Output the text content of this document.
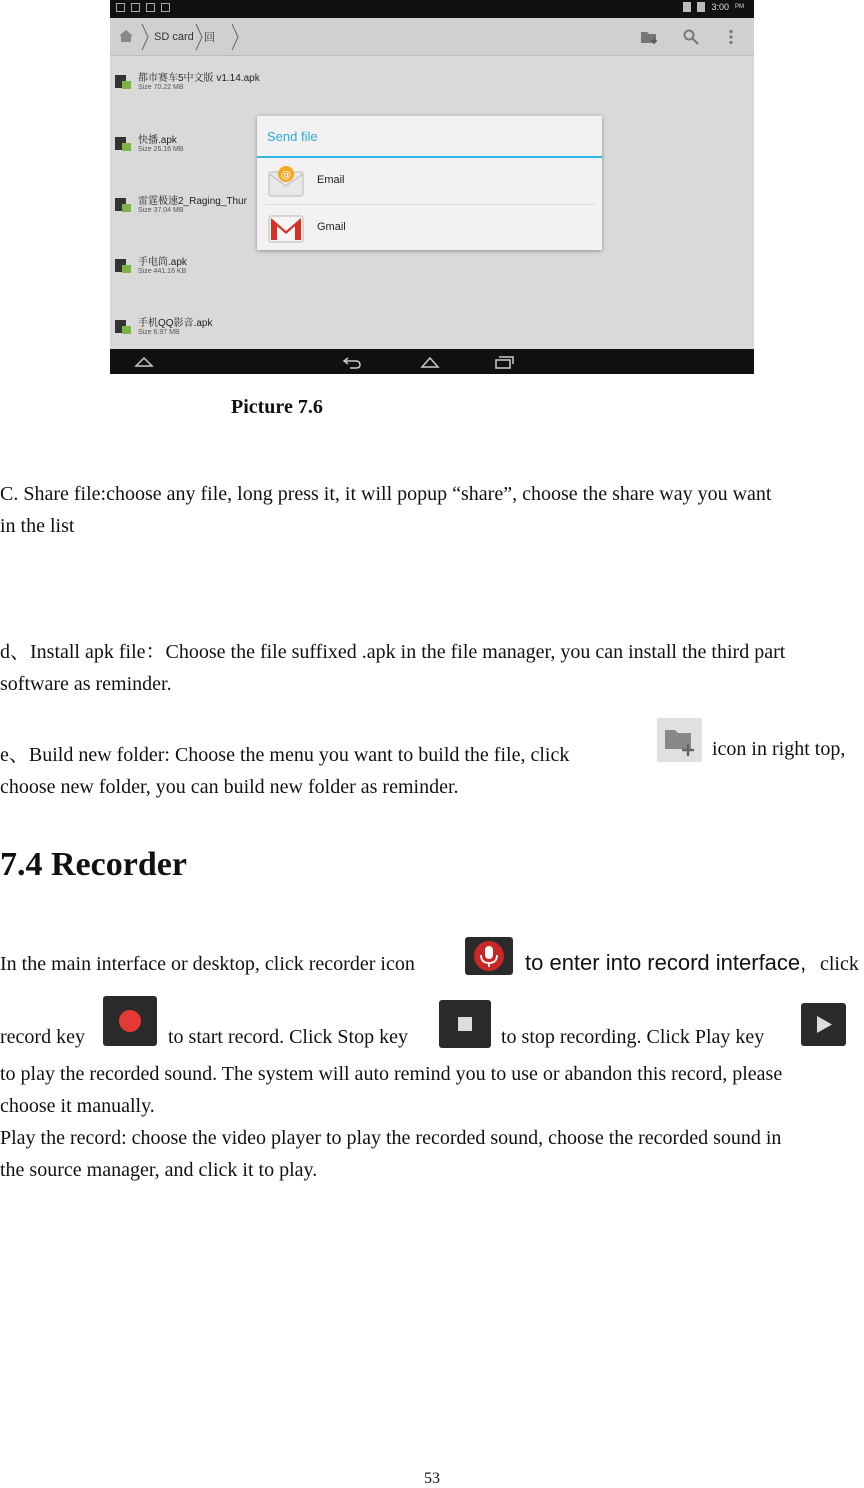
3:00 PM
SD card 回
都市赛车5中文版 v1.14.apk
Size 70.22 MB
快播.apk
Size 26.16 MB
雷霆极速2_Raging_Thur
Size 37.04 MB
手电筒.apk
Size 441.16 KB
手机QQ影音.apk
Size 6.97 MB
Send file
@ Email
Gmail
Picture 7.6

C. Share file:choose any file, long press it, it will popup “share”, choose the share way you want
in the list

d、Install apk file：Choose the file suffixed .apk in the file manager, you can install the third part
software as reminder.

e、Build new folder: Choose the menu you want to build the file, click	icon in right top,
choose new folder, you can build new folder as reminder.
7.4 Recorder
In the main interface or desktop, click recorder icon	to enter into record interface, click
record key	to start record. Click Stop key	to stop recording. Click Play key

to play the recorded sound. The system will auto remind you to use or abandon this record, please
choose it manually.
Play the record: choose the video player to play the recorded sound, choose the recorded sound in
the source manager, and click it to play.

53
